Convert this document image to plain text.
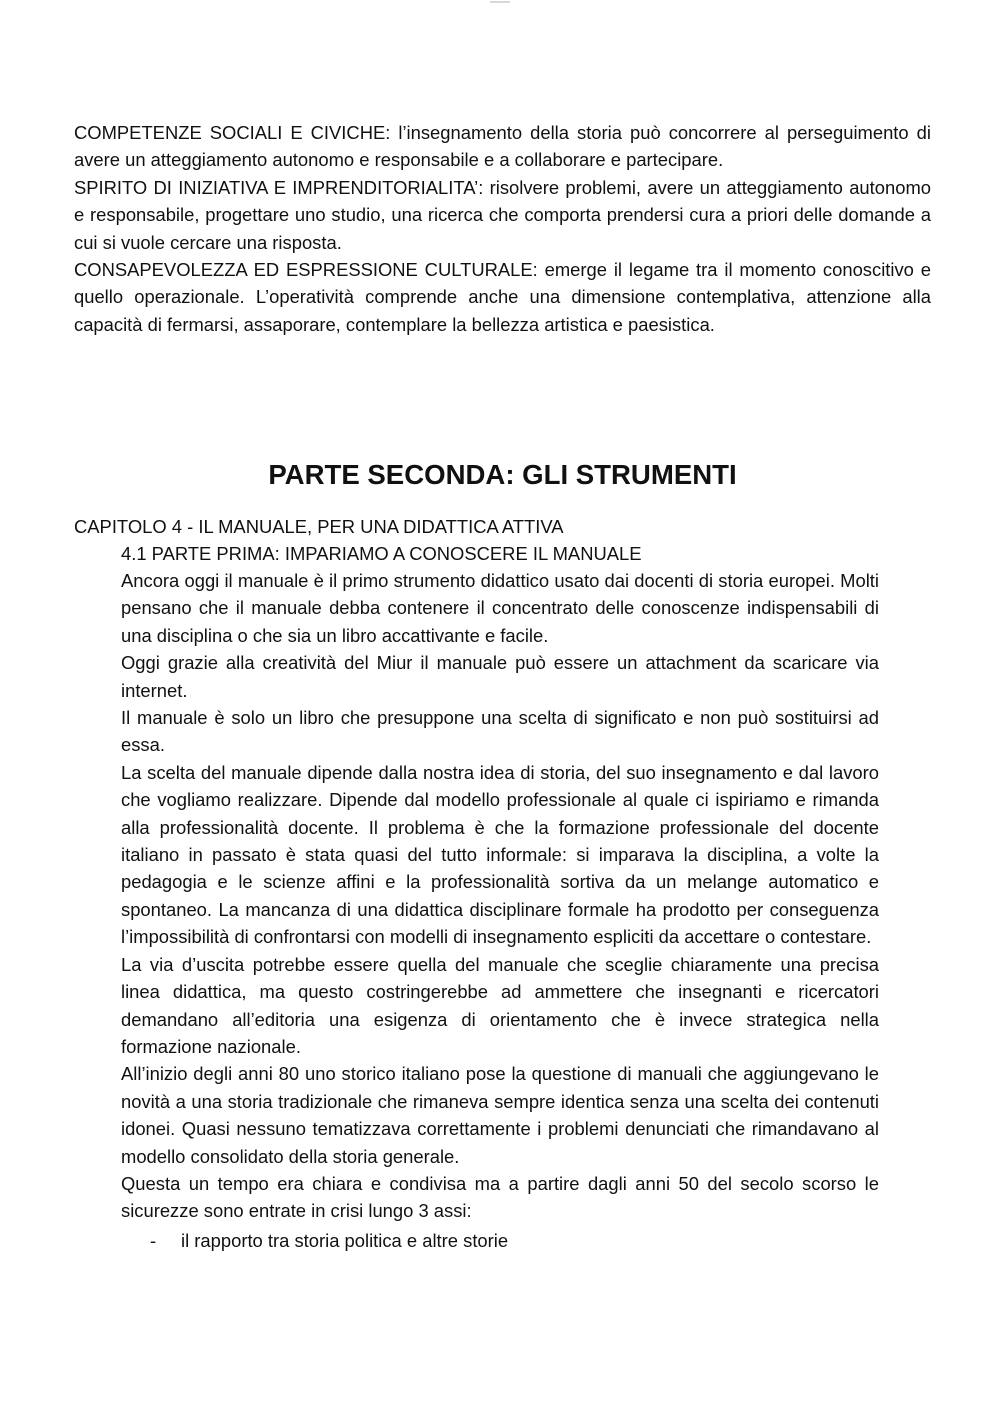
COMPETENZE SOCIALI E CIVICHE: l’insegnamento della storia può concorrere al perseguimento di avere un atteggiamento autonomo e responsabile e a collaborare e partecipare.

SPIRITO DI INIZIATIVA E IMPRENDITORIALITA’: risolvere problemi, avere un atteggiamento autonomo e responsabile, progettare uno studio, una ricerca che comporta prendersi cura a priori delle domande a cui si vuole cercare una risposta.

CONSAPEVOLEZZA ED ESPRESSIONE CULTURALE: emerge il legame tra il momento conoscitivo e quello operazionale. L’operatività comprende anche una dimensione contemplativa, attenzione alla capacità di fermarsi, assaporare, contemplare la bellezza artistica e paesistica.

PARTE SECONDA: GLI STRUMENTI
CAPITOLO 4 - IL MANUALE, PER UNA DIDATTICA ATTIVA
4.1 PARTE PRIMA: IMPARIAMO A CONOSCERE IL MANUALE

Ancora oggi il manuale è il primo strumento didattico usato dai docenti di storia europei. Molti pensano che il manuale debba contenere il concentrato delle conoscenze indispensabili di una disciplina o che sia un libro accattivante e facile.

Oggi grazie alla creatività del Miur il manuale può essere un attachment da scaricare via internet.

Il manuale è solo un libro che presuppone una scelta di significato e non può sostituirsi ad essa.

La scelta del manuale dipende dalla nostra idea di storia, del suo insegnamento e dal lavoro che vogliamo realizzare. Dipende dal modello professionale al quale ci ispiriamo e rimanda alla professionalità docente. Il problema è che la formazione professionale del docente italiano in passato è stata quasi del tutto informale: si imparava la disciplina, a volte la pedagogia e le scienze affini e la professionalità sortiva da un melange automatico e spontaneo. La mancanza di una didattica disciplinare formale ha prodotto per conseguenza l’impossibilità di confrontarsi con modelli di insegnamento espliciti da accettare o contestare.

La via d’uscita potrebbe essere quella del manuale che sceglie chiaramente una precisa linea didattica, ma questo costringerebbe ad ammettere che insegnanti e ricercatori demandano all’editoria una esigenza di orientamento che è invece strategica nella formazione nazionale.

All’inizio degli anni 80 uno storico italiano pose la questione di manuali che aggiungevano le novità a una storia tradizionale che rimaneva sempre identica senza una scelta dei contenuti idonei. Quasi nessuno tematizzava correttamente i problemi denunciati che rimandavano al modello consolidato della storia generale.

Questa un tempo era chiara e condivisa ma a partire dagli anni 50 del secolo scorso le sicurezze sono entrate in crisi lungo 3 assi:

- il rapporto tra storia politica e altre storie
